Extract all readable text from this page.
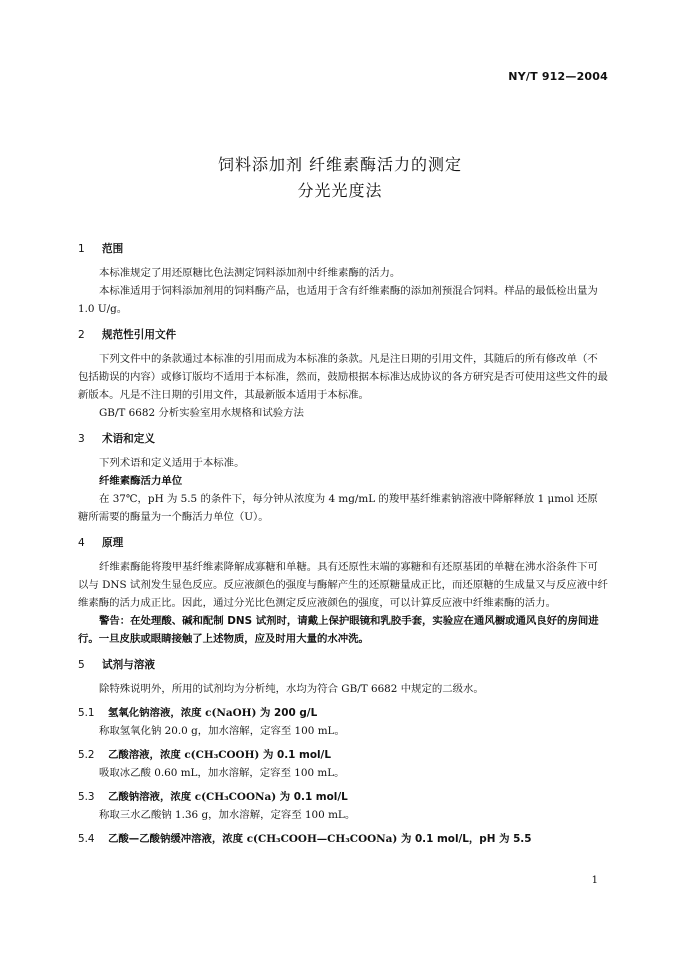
NY/T 912—2004
饲料添加剂 纤维素酶活力的测定
分光光度法
1 范围

本标准规定了用还原糖比色法测定饲料添加剂中纤维素酶的活力。

本标准适用于饲料添加剂用的饲料酶产品，也适用于含有纤维素酶的添加剂预混合饲料。样品的最低检出量为 1.0 U/g。

2 规范性引用文件

下列文件中的条款通过本标准的引用而成为本标准的条款。凡是注日期的引用文件，其随后的所有修改单（不包括勘误的内容）或修订版均不适用于本标准，然而，鼓励根据本标准达成协议的各方研究是否可使用这些文件的最新版本。凡是不注日期的引用文件，其最新版本适用于本标准。

GB/T 6682 分析实验室用水规格和试验方法

3 术语和定义

下列术语和定义适用于本标准。

纤维素酶活力单位

在 37℃，pH 为 5.5 的条件下，每分钟从浓度为 4 mg/mL 的羧甲基纤维素钠溶液中降解释放 1 μmol 还原糖所需要的酶量为一个酶活力单位（U）。

4 原理

纤维素酶能将羧甲基纤维素降解成寡糖和单糖。具有还原性末端的寡糖和有还原基团的单糖在沸水浴条件下可以与 DNS 试剂发生显色反应。反应液颜色的强度与酶解产生的还原糖量成正比，而还原糖的生成量又与反应液中纤维素酶的活力成正比。因此，通过分光比色测定反应液颜色的强度，可以计算反应液中纤维素酶的活力。

警告：在处理酸、碱和配制 DNS 试剂时，请戴上保护眼镜和乳胶手套，实验应在通风橱或通风良好的房间进行。一旦皮肤或眼睛接触了上述物质，应及时用大量的水冲洗。

5 试剂与溶液

除特殊说明外，所用的试剂均为分析纯，水均为符合 GB/T 6682 中规定的二级水。

5.1 氢氧化钠溶液，浓度 c(NaOH) 为 200 g/L

称取氢氧化钠 20.0 g，加水溶解，定容至 100 mL。

5.2 乙酸溶液，浓度 c(CH₃COOH) 为 0.1 mol/L

吸取冰乙酸 0.60 mL，加水溶解，定容至 100 mL。

5.3 乙酸钠溶液，浓度 c(CH₃COONa) 为 0.1 mol/L

称取三水乙酸钠 1.36 g，加水溶解，定容至 100 mL。

5.4 乙酸—乙酸钠缓冲溶液，浓度 c(CH₃COOH—CH₃COONa) 为 0.1 mol/L，pH 为 5.5

1
